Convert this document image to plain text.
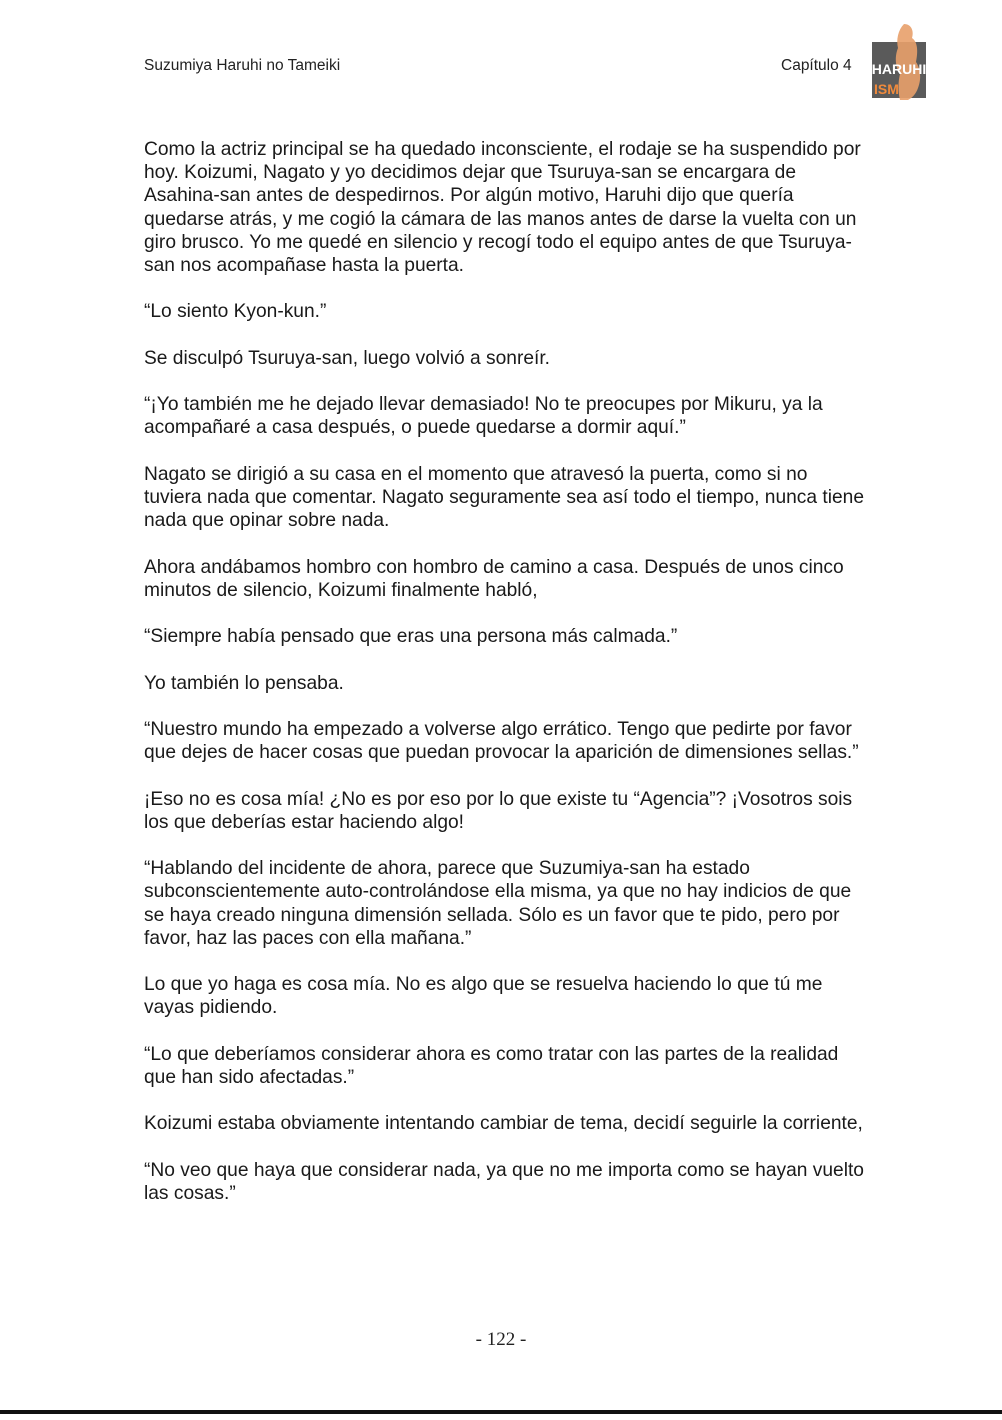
Suzumiya Haruhi no Tameiki	Capítulo 4 HARUHI
ISM

Como la actriz principal se ha quedado inconsciente, el rodaje se ha suspendido por hoy. Koizumi, Nagato y yo decidimos dejar que Tsuruya-san se encargara de Asahina-san antes de despedirnos. Por algún motivo, Haruhi dijo que quería quedarse atrás, y me cogió la cámara de las manos antes de darse la vuelta con un giro brusco. Yo me quedé en silencio y recogí todo el equipo antes de que Tsuruya-san nos acompañase hasta la puerta.

“Lo siento Kyon-kun.”

Se disculpó Tsuruya-san, luego volvió a sonreír.

“¡Yo también me he dejado llevar demasiado! No te preocupes por Mikuru, ya la acompañaré a casa después, o puede quedarse a dormir aquí.”

Nagato se dirigió a su casa en el momento que atravesó la puerta, como si no tuviera nada que comentar. Nagato seguramente sea así todo el tiempo, nunca tiene nada que opinar sobre nada.

Ahora andábamos hombro con hombro de camino a casa. Después de unos cinco minutos de silencio, Koizumi finalmente habló,

“Siempre había pensado que eras una persona más calmada.”

Yo también lo pensaba.

“Nuestro mundo ha empezado a volverse algo errático. Tengo que pedirte por favor que dejes de hacer cosas que puedan provocar la aparición de dimensiones sellas.”

¡Eso no es cosa mía! ¿No es por eso por lo que existe tu “Agencia”? ¡Vosotros sois los que deberías estar haciendo algo!

“Hablando del incidente de ahora, parece que Suzumiya-san ha estado subconscientemente auto-controlándose ella misma, ya que no hay indicios de que se haya creado ninguna dimensión sellada. Sólo es un favor que te pido, pero por favor, haz las paces con ella mañana.”

Lo que yo haga es cosa mía. No es algo que se resuelva haciendo lo que tú me vayas pidiendo.

“Lo que deberíamos considerar ahora es como tratar con las partes de la realidad que han sido afectadas.”

Koizumi estaba obviamente intentando cambiar de tema, decidí seguirle la corriente,

“No veo que haya que considerar nada, ya que no me importa como se hayan vuelto las cosas.”

- 122 -
